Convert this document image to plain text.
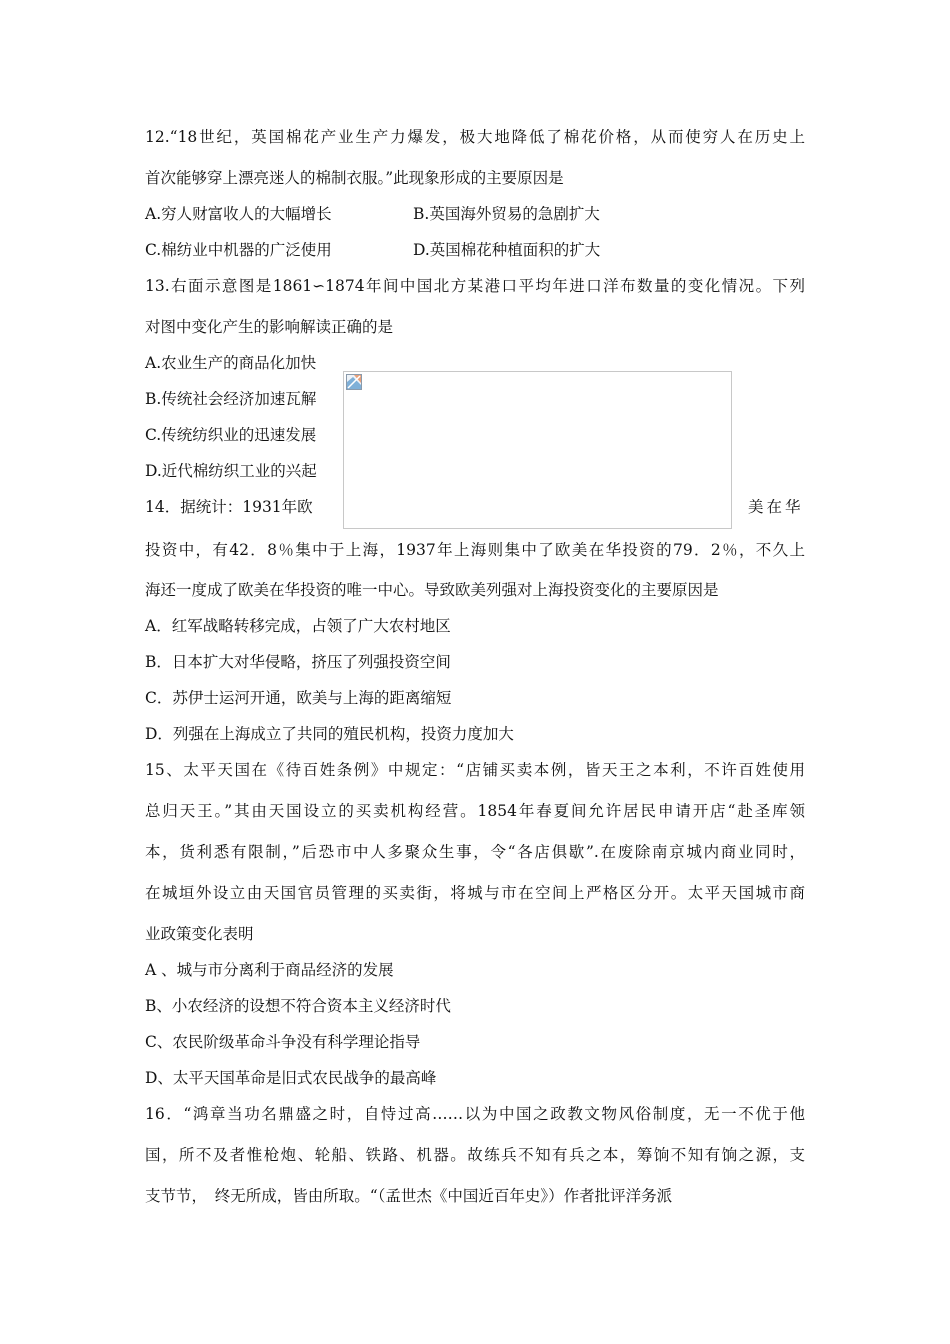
12.“18世纪，英国棉花产业生产力爆发，极大地降低了棉花价格，从而使穷人在历史上
首次能够穿上漂亮迷人的棉制衣服。”此现象形成的主要原因是
A.穷人财富收人的大幅增长	B.英国海外贸易的急剧扩大
C.棉纺业中机器的广泛使用	D.英国棉花种植面积的扩大
13.右面示意图是1861∽1874年间中国北方某港口平均年进口洋布数量的变化情况。下列
对图中变化产生的影响解读正确的是
A.农业生产的商品化加快
B.传统社会经济加速瓦解
C.传统纺织业的迅速发展
D.近代棉纺织工业的兴起
14．据统计：1931年欧	美在华
投资中，有42．8％集中于上海，1937年上海则集中了欧美在华投资的79．2％，不久上
海还一度成了欧美在华投资的唯一中心。导致欧美列强对上海投资变化的主要原因是
A．红军战略转移完成，占领了广大农村地区
B．日本扩大对华侵略，挤压了列强投资空间
C．苏伊士运河开通，欧美与上海的距离缩短
D．列强在上海成立了共同的殖民机构，投资力度加大
15、太平天国在《待百姓条例》中规定：“店铺买卖本例，皆天王之本利，不许百姓使用
总归天王。”其由天国设立的买卖机构经营。1854年春夏间允许居民申请开店“赴圣库领
本，货利悉有限制，”后恐市中人多聚众生事，令“各店俱歇”.在废除南京城内商业同时，
在城垣外设立由天国官员管理的买卖街，将城与市在空间上严格区分开。太平天国城市商
业政策变化表明
A 、城与市分离利于商品经济的发展
B、小农经济的设想不符合资本主义经济时代
C、农民阶级革命斗争没有科学理论指导
D、太平天国革命是旧式农民战争的最高峰
16．“鸿章当功名鼎盛之时，自恃过高……以为中国之政教文物风俗制度，无一不优于他
国，所不及者惟枪炮、轮船、铁路、机器。故练兵不知有兵之本，筹饷不知有饷之源，支
支节节，　终无所成，皆由所取。“（孟世杰《中国近百年史》）作者批评洋务派
